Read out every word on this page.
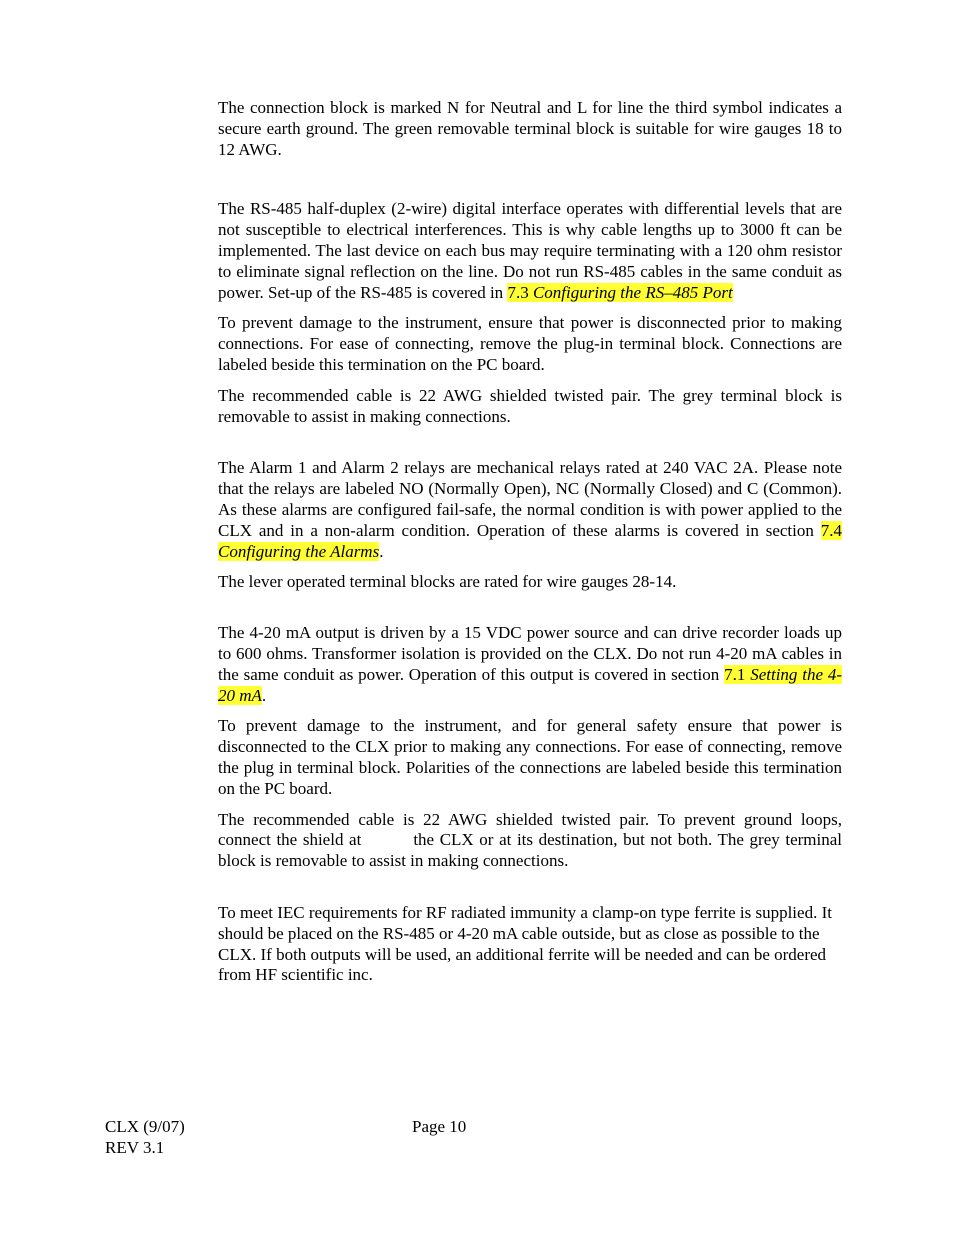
The connection block is marked N for Neutral and L for line the third symbol indicates a secure earth ground. The green removable terminal block is suitable for wire gauges 18 to 12 AWG.

The RS-485 half-duplex (2-wire) digital interface operates with differential levels that are not susceptible to electrical interferences. This is why cable lengths up to 3000 ft can be implemented. The last device on each bus may require terminating with a 120 ohm resistor to eliminate signal reflection on the line. Do not run RS-485 cables in the same conduit as power. Set-up of the RS-485 is covered in 7.3 Configuring the RS–485 Port

To prevent damage to the instrument, ensure that power is disconnected prior to making connections. For ease of connecting, remove the plug-in terminal block. Connections are labeled beside this termination on the PC board.

The recommended cable is 22 AWG shielded twisted pair. The grey terminal block is removable to assist in making connections.

The Alarm 1 and Alarm 2 relays are mechanical relays rated at 240 VAC 2A. Please note that the relays are labeled NO (Normally Open), NC (Normally Closed) and C (Common). As these alarms are configured fail-safe, the normal condition is with power applied to the CLX and in a non-alarm condition. Operation of these alarms is covered in section 7.4 Configuring the Alarms.

The lever operated terminal blocks are rated for wire gauges 28-14.

The 4-20 mA output is driven by a 15 VDC power source and can drive recorder loads up to 600 ohms. Transformer isolation is provided on the CLX. Do not run 4-20 mA cables in the same conduit as power. Operation of this output is covered in section 7.1 Setting the 4-20 mA.

To prevent damage to the instrument, and for general safety ensure that power is disconnected to the CLX prior to making any connections. For ease of connecting, remove the plug in terminal block. Polarities of the connections are labeled beside this termination on the PC board.

The recommended cable is 22 AWG shielded twisted pair. To prevent ground loops, connect the shield at	the CLX or at its destination, but not both. The grey terminal block is removable to assist in making connections.

To meet IEC requirements for RF radiated immunity a clamp-on type ferrite is supplied. It should be placed on the RS-485 or 4-20 mA cable outside, but as close as possible to the CLX. If both outputs will be used, an additional ferrite will be needed and can be ordered from HF scientific inc.

CLX (9/07)
REV 3.1
Page 10
